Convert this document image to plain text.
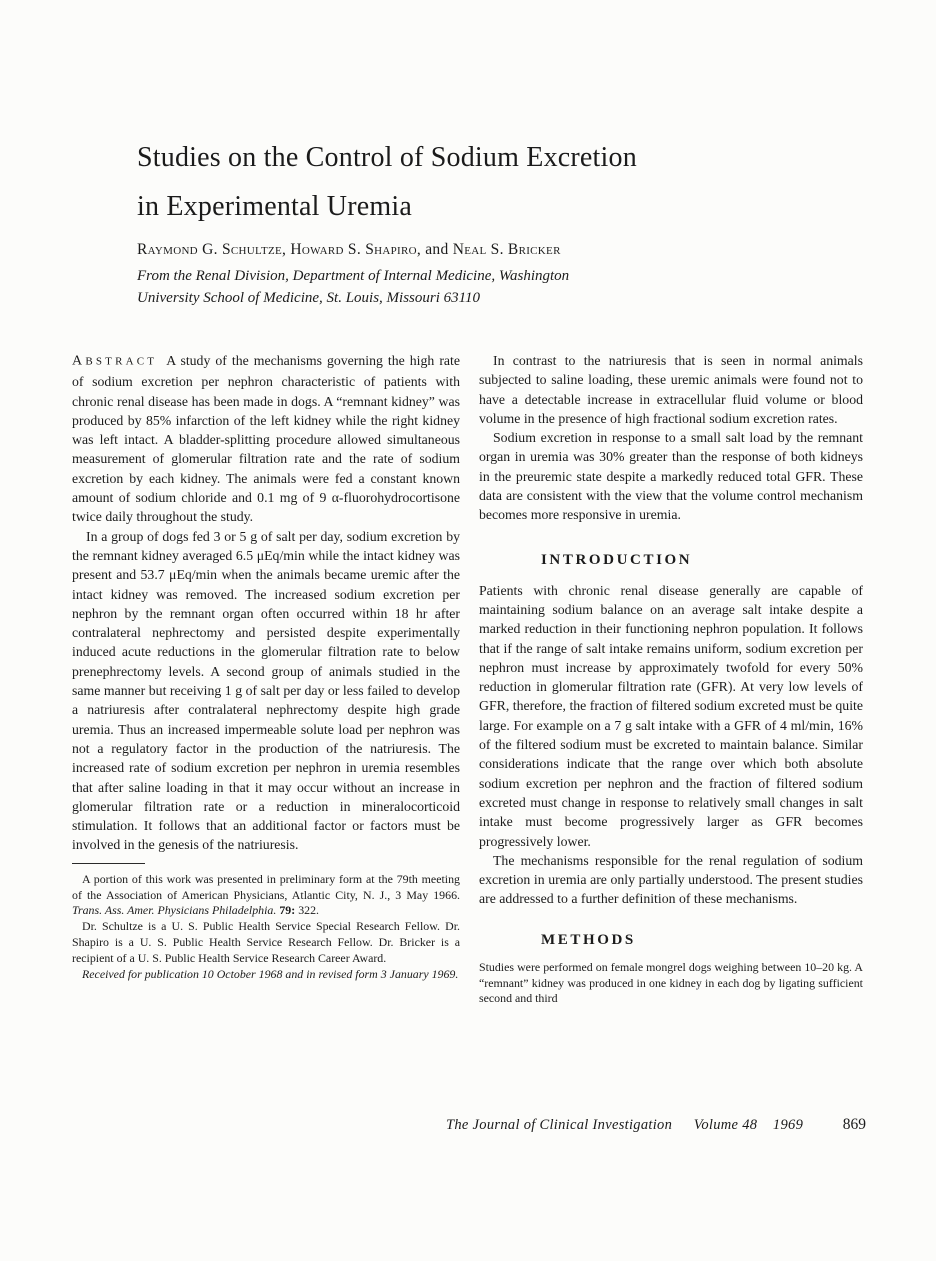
Studies on the Control of Sodium Excretion
in Experimental Uremia
Raymond G. Schultze, Howard S. Shapiro, and Neal S. Bricker
From the Renal Division, Department of Internal Medicine, Washington
University School of Medicine, St. Louis, Missouri 63110

ABSTRACT A study of the mechanisms governing the high rate of sodium excretion per nephron characteristic of patients with chronic renal disease has been made in dogs. A “remnant kidney” was produced by 85% infarction of the left kidney while the right kidney was left intact. A bladder-splitting procedure allowed simultaneous measurement of glomerular filtration rate and the rate of sodium excretion by each kidney. The animals were fed a constant known amount of sodium chloride and 0.1 mg of 9 α-fluorohydrocortisone twice daily throughout the study.

In a group of dogs fed 3 or 5 g of salt per day, sodium excretion by the remnant kidney averaged 6.5 μEq/min while the intact kidney was present and 53.7 μEq/min when the animals became uremic after the intact kidney was removed. The increased sodium excretion per nephron by the remnant organ often occurred within 18 hr after contralateral nephrectomy and persisted despite experimentally induced acute reductions in the glomerular filtration rate to below prenephrectomy levels. A second group of animals studied in the same manner but receiving 1 g of salt per day or less failed to develop a natriuresis after contralateral nephrectomy despite high grade uremia. Thus an increased impermeable solute load per nephron was not a regulatory factor in the production of the natriuresis. The increased rate of sodium excretion per nephron in uremia resembles that after saline loading in that it may occur without an increase in glomerular filtration rate or a reduction in mineralocorticoid stimulation. It follows that an additional factor or factors must be involved in the genesis of the natriuresis.

A portion of this work was presented in preliminary form at the 79th meeting of the Association of American Physicians, Atlantic City, N. J., 3 May 1966. Trans. Ass. Amer. Physicians Philadelphia. 79: 322.

Dr. Schultze is a U. S. Public Health Service Special Research Fellow. Dr. Shapiro is a U. S. Public Health Service Research Fellow. Dr. Bricker is a recipient of a U. S. Public Health Service Research Career Award.

Received for publication 10 October 1968 and in revised form 3 January 1969.

In contrast to the natriuresis that is seen in normal animals subjected to saline loading, these uremic animals were found not to have a detectable increase in extracellular fluid volume or blood volume in the presence of high fractional sodium excretion rates.

Sodium excretion in response to a small salt load by the remnant organ in uremia was 30% greater than the response of both kidneys in the preuremic state despite a markedly reduced total GFR. These data are consistent with the view that the volume control mechanism becomes more responsive in uremia.

INTRODUCTION

Patients with chronic renal disease generally are capable of maintaining sodium balance on an average salt intake despite a marked reduction in their functioning nephron population. It follows that if the range of salt intake remains uniform, sodium excretion per nephron must increase by approximately twofold for every 50% reduction in glomerular filtration rate (GFR). At very low levels of GFR, therefore, the fraction of filtered sodium excreted must be quite large. For example on a 7 g salt intake with a GFR of 4 ml/min, 16% of the filtered sodium must be excreted to maintain balance. Similar considerations indicate that the range over which both absolute sodium excretion per nephron and the fraction of filtered sodium excreted must change in response to relatively small changes in salt intake must become progressively larger as GFR becomes progressively lower.

The mechanisms responsible for the renal regulation of sodium excretion in uremia are only partially understood. The present studies are addressed to a further definition of these mechanisms.

METHODS

Studies were performed on female mongrel dogs weighing between 10–20 kg. A “remnant” kidney was produced in one kidney in each dog by ligating sufficient second and third

The Journal of Clinical Investigation Volume 48 1969	869
